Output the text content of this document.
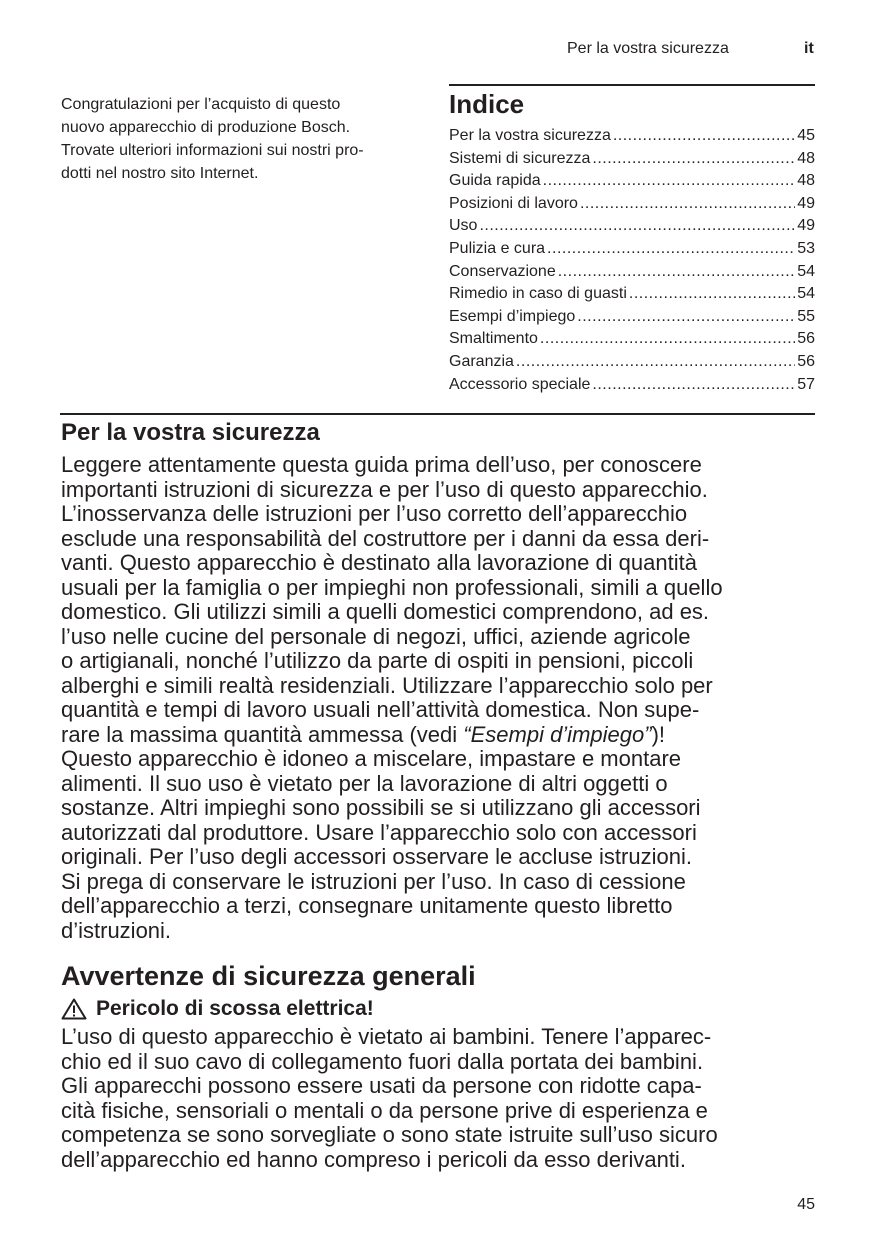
Per la vostra sicurezza	it
Congratulazioni per l’acquisto di questo
nuovo apparecchio di produzione Bosch.
Trovate ulteriori informazioni sui nostri pro-
dotti nel nostro sito Internet.
Indice
Per la vostra sicurezza .....	45
Sistemi di sicurezza .....	48
Guida rapida .....	48
Posizioni di lavoro .....	49
Uso .....	49
Pulizia e cura .....	53
Conservazione .....	54
Rimedio in caso di guasti .....	54
Esempi d’impiego .....	55
Smaltimento .....	56
Garanzia .....	56
Accessorio speciale .....	57
Per la vostra sicurezza
Leggere attentamente questa guida prima dell’uso, per conoscere
importanti istruzioni di sicurezza e per l’uso di questo apparecchio.
L’inosservanza delle istruzioni per l’uso corretto dell’apparecchio
esclude una responsabilità del costruttore per i danni da essa deri-
vanti. Questo apparecchio è destinato alla lavorazione di quantità
usuali per la famiglia o per impieghi non professionali, simili a quello
domestico. Gli utilizzi simili a quelli domestici comprendono, ad es.
l’uso nelle cucine del personale di negozi, uffici, aziende agricole
o artigianali, nonché l’utilizzo da parte di ospiti in pensioni, piccoli
alberghi e simili realtà residenziali. Utilizzare l’apparecchio solo per
quantità e tempi di lavoro usuali nell’attività domestica. Non supe-
rare la massima quantità ammessa (vedi “Esempi d’impiego”)!
Questo apparecchio è idoneo a miscelare, impastare e montare
alimenti. Il suo uso è vietato per la lavorazione di altri oggetti o
sostanze. Altri impieghi sono possibili se si utilizzano gli accessori
autorizzati dal produttore. Usare l’apparecchio solo con accessori
originali. Per l’uso degli accessori osservare le accluse istruzioni.
Si prega di conservare le istruzioni per l’uso. In caso di cessione
dell’apparecchio a terzi, consegnare unitamente questo libretto
d’istruzioni.
Avvertenze di sicurezza generali
Pericolo di scossa elettrica!
L’uso di questo apparecchio è vietato ai bambini. Tenere l’apparec-
chio ed il suo cavo di collegamento fuori dalla portata dei bambini.
Gli apparecchi possono essere usati da persone con ridotte capa-
cità fisiche, sensoriali o mentali o da persone prive di esperienza e
competenza se sono sorvegliate o sono state istruite sull’uso sicuro
dell’apparecchio ed hanno compreso i pericoli da esso derivanti.
45
